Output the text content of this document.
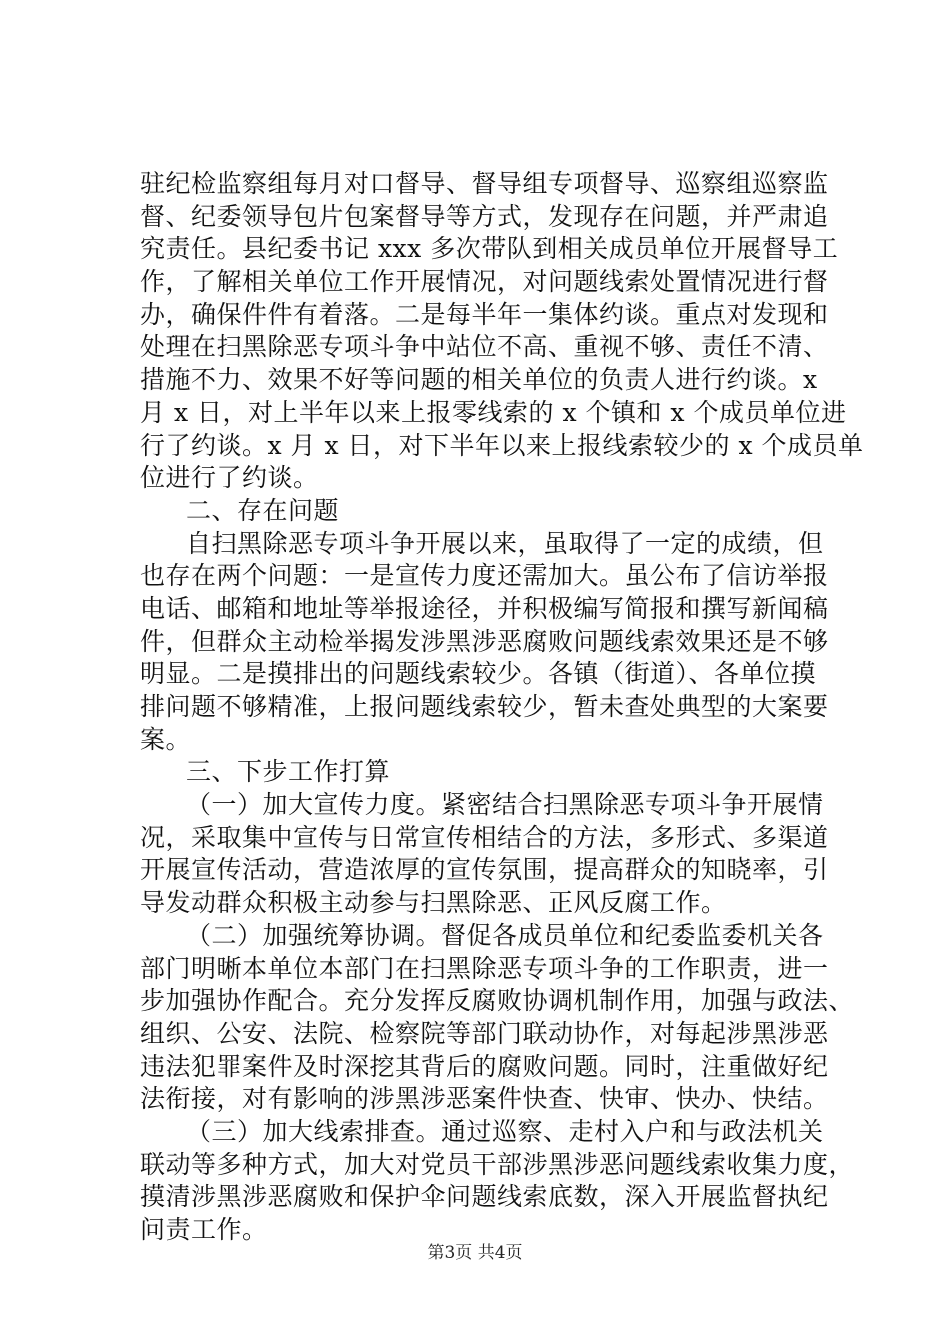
驻纪检监察组每月对口督导、督导组专项督导、巡察组巡察监
督、纪委领导包片包案督导等方式，发现存在问题，并严肃追
究责任。县纪委书记 xxx 多次带队到相关成员单位开展督导工
作，了解相关单位工作开展情况，对问题线索处置情况进行督
办，确保件件有着落。二是每半年一集体约谈。重点对发现和
处理在扫黑除恶专项斗争中站位不高、重视不够、责任不清、
措施不力、效果不好等问题的相关单位的负责人进行约谈。x
月 x 日，对上半年以来上报零线索的 x 个镇和 x 个成员单位进
行了约谈。x 月 x 日，对下半年以来上报线索较少的 x 个成员单
位进行了约谈。
二、存在问题
自扫黑除恶专项斗争开展以来，虽取得了一定的成绩，但
也存在两个问题：一是宣传力度还需加大。虽公布了信访举报
电话、邮箱和地址等举报途径，并积极编写简报和撰写新闻稿
件，但群众主动检举揭发涉黑涉恶腐败问题线索效果还是不够
明显。二是摸排出的问题线索较少。各镇（街道）、各单位摸
排问题不够精准，上报问题线索较少，暂未查处典型的大案要
案。
三、下步工作打算
（一）加大宣传力度。紧密结合扫黑除恶专项斗争开展情
况，采取集中宣传与日常宣传相结合的方法，多形式、多渠道
开展宣传活动，营造浓厚的宣传氛围，提高群众的知晓率，引
导发动群众积极主动参与扫黑除恶、正风反腐工作。
（二）加强统筹协调。督促各成员单位和纪委监委机关各
部门明晰本单位本部门在扫黑除恶专项斗争的工作职责，进一
步加强协作配合。充分发挥反腐败协调机制作用，加强与政法、
组织、公安、法院、检察院等部门联动协作，对每起涉黑涉恶
违法犯罪案件及时深挖其背后的腐败问题。同时，注重做好纪
法衔接，对有影响的涉黑涉恶案件快查、快审、快办、快结。
（三）加大线索排查。通过巡察、走村入户和与政法机关
联动等多种方式，加大对党员干部涉黑涉恶问题线索收集力度，
摸清涉黑涉恶腐败和保护伞问题线索底数，深入开展监督执纪
问责工作。
第3页 共4页
